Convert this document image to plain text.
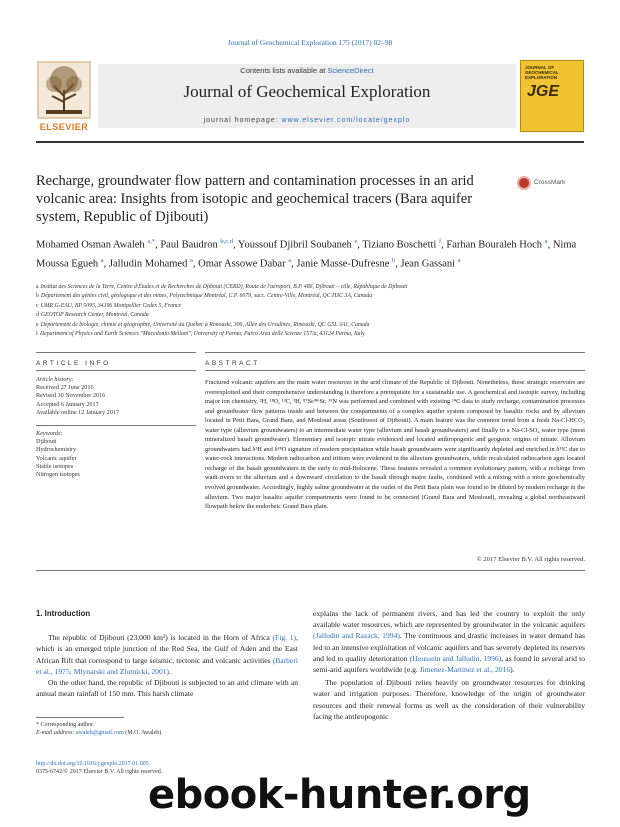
Journal of Geochemical Exploration 175 (2017) 82–98
ELSEVIER
Contents lists available at ScienceDirect
Journal of Geochemical Exploration
journal homepage: www.elsevier.com/locate/gexplo
JOURNAL OF GEOCHEMICAL EXPLORATION
JGE
Recharge, groundwater flow pattern and contamination processes in an arid volcanic area: Insights from isotopic and geochemical tracers (Bara aquifer system, Republic of Djibouti)
CrossMark
Mohamed Osman Awaleh $^{a,*}$, Paul Baudron $^{b,c,d}$, Youssouf Djibril Soubaneh $^e$, Tiziano Boschetti $^f$, Farhan Bouraleh Hoch $^a$, Nima Moussa Egueh $^a$, Jalludin Mohamed $^a$, Omar Assowe Dabar $^a$, Janie Masse-Dufresne $^b$, Jean Gassani $^a$
a Institut des Sciences de la Terre, Centre d'Études et de Recherches de Djibouti (CERD), Route de l'aéroport, B.P. 486, Djibouti – ville, République de Djibouti
b Département des génies civil, géologique et des mines, Polytechnique Montréal, C.P. 6079, succ. Centre-Ville, Montréal, QC H3C 3A, Canada
c UMR G-EAU, BP 5095, 34196 Montpellier Cedex 5, France
d GEOTOP Research Center, Montréal, Canada
e Département de biologie, chimie et géographie, Université du Québec à Rimouski, 300, Allée des Ursulines, Rimouski, QC G5L 3A1, Canada
f Department of Physics and Earth Sciences "Macedonio Melloni", University of Parma, Parco Area delle Scienze 157/a, 43124 Parma, Italy
ARTICLE INFO	ABSTRACT
Article history:
Received 27 June 2016
Revised 30 November 2016
Accepted 6 January 2017
Available online 12 January 2017
Keywords:
Djibouti
Hydrochemistry
Volcanic aquifer
Stable isotopes
Nitrogen isotopes
Fractured volcanic aquifers are the main water resources in the arid climate of the Republic of Djibouti. Nonetheless, these strategic reservoirs are overexploited and their comprehensive understanding is therefore a prerequisite for a sustainable use. A geochemical and isotopic survey, including major ion chemistry, ²H, ¹⁸O, ¹³C, ³H, ⁸⁷Sr/⁸⁶Sr, ¹⁵N was performed and combined with existing ¹⁴C data to study recharge, contamination processes and groundwater flow patterns inside and between the compartments of a complex aquifer system composed by basaltic rocks and by alluvium located in Petit Bara, Grand Bara, and Mouloud areas (Southwest of Djibouti). A main feature was the common trend from a fresh Na-Cl-HCO₃ water type (alluvium groundwaters) to an intermediate water type (alluvium and basalt groundwaters) and finally to a Na-Cl-SO₄ water type (most mineralized basalt groundwater). Elementary and isotopic nitrate evidenced and located anthropogenic and geogenic origins of nitrate. Alluvium groundwaters had δ²H and δ¹⁸O signature of modern precipitation while basalt groundwaters were significantly depleted and enriched in δ¹³C due to water-rock interactions. Modern radiocarbon and tritium were evidenced in the alluvium groundwaters, while recalculated radiocarbon ages located recharge of the basalt groundwaters in the early to mid-Holocene. These features revealed a common evolutionary pattern, with a recharge from wadi-rivers to the alluvium and a downward circulation to the basalt through major faults, combined with a mixing with a more geochemically evolved groundwater. Accordingly, highly saline groundwater at the outlet of the Petit Bara plain was found to be diluted by modern recharge in the alluvium. Two major basaltic aquifer compartments were found to be connected (Grand Bara and Mouloud), revealing a global northeastward flowpath below the endorheic Grand Bara plain.
© 2017 Elsevier B.V. All rights reserved.
1. Introduction

The republic of Djibouti (23,000 km²) is located in the Horn of Africa (Fig. 1), which is an emerged triple junction of the Red Sea, the Gulf of Aden and the East African Rift that correspond to large seismic, tectonic and volcanic activities (Barberi et al., 1975; Mlynarski and Zlotnicki, 2001).

On the other hand, the republic of Djibouti is subjected to an arid climate with an annual mean rainfall of 150 mm. This harsh climate

explains the lack of permanent rivers, and has led the country to exploit the only available water resources, which are represented by groundwater in the volcanic aquifers (Jalludin and Razack, 1994). The continuous and drastic increases in water demand has led to an intensive exploitation of volcanic aquifers and has severely depleted its reserves and led to quality deterioration (Houssein and Jalludin, 1996), as found in several arid to semi-arid aquifers worldwide (e.g. Jimenez-Martinez et al., 2016).

The population of Djibouti relies heavily on groundwater resources for drinking water and irrigation purposes. Therefore, knowledge of the origin of groundwater resources and their renewal forms as well as the consideration of their vulnerability facing the anthropogenic

* Corresponding author.
E-mail address: awaleh@gmail.com (M.O. Awaleh).
http://dx.doi.org/10.1016/j.gexplo.2017.01.005
0375-6742/© 2017 Elsevier B.V. All rights reserved.
ebook-hunter.org
